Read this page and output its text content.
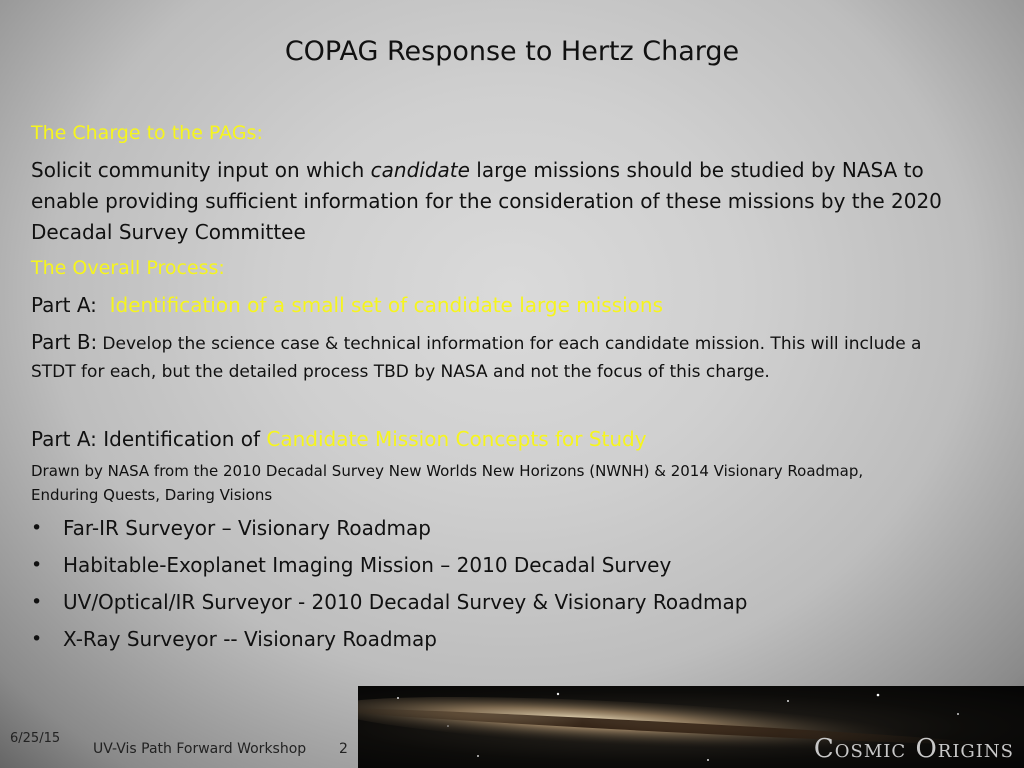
COPAG Response to Hertz Charge
The Charge to the PAGs:
Solicit community input on which candidate large missions should be studied by NASA to
enable providing sufficient information for the consideration of these missions by the 2020
Decadal Survey Committee
The Overall Process:
Part A: Identification of a small set of candidate large missions
Part B: Develop the science case & technical information for each candidate mission. This will include a
STDT for each, but the detailed process TBD by NASA and not the focus of this charge.
Part A: Identification of Candidate Mission Concepts for Study
Drawn by NASA from the 2010 Decadal Survey New Worlds New Horizons (NWNH) & 2014 Visionary Roadmap,
Enduring Quests, Daring Visions
• Far-IR Surveyor – Visionary Roadmap
• Habitable-Exoplanet Imaging Mission – 2010 Decadal Survey
• UV/Optical/IR Surveyor - 2010 Decadal Survey & Visionary Roadmap
• X-Ray Surveyor -- Visionary Roadmap
6/25/15
UV-Vis Path Forward Workshop 2	Cosmic Origins
